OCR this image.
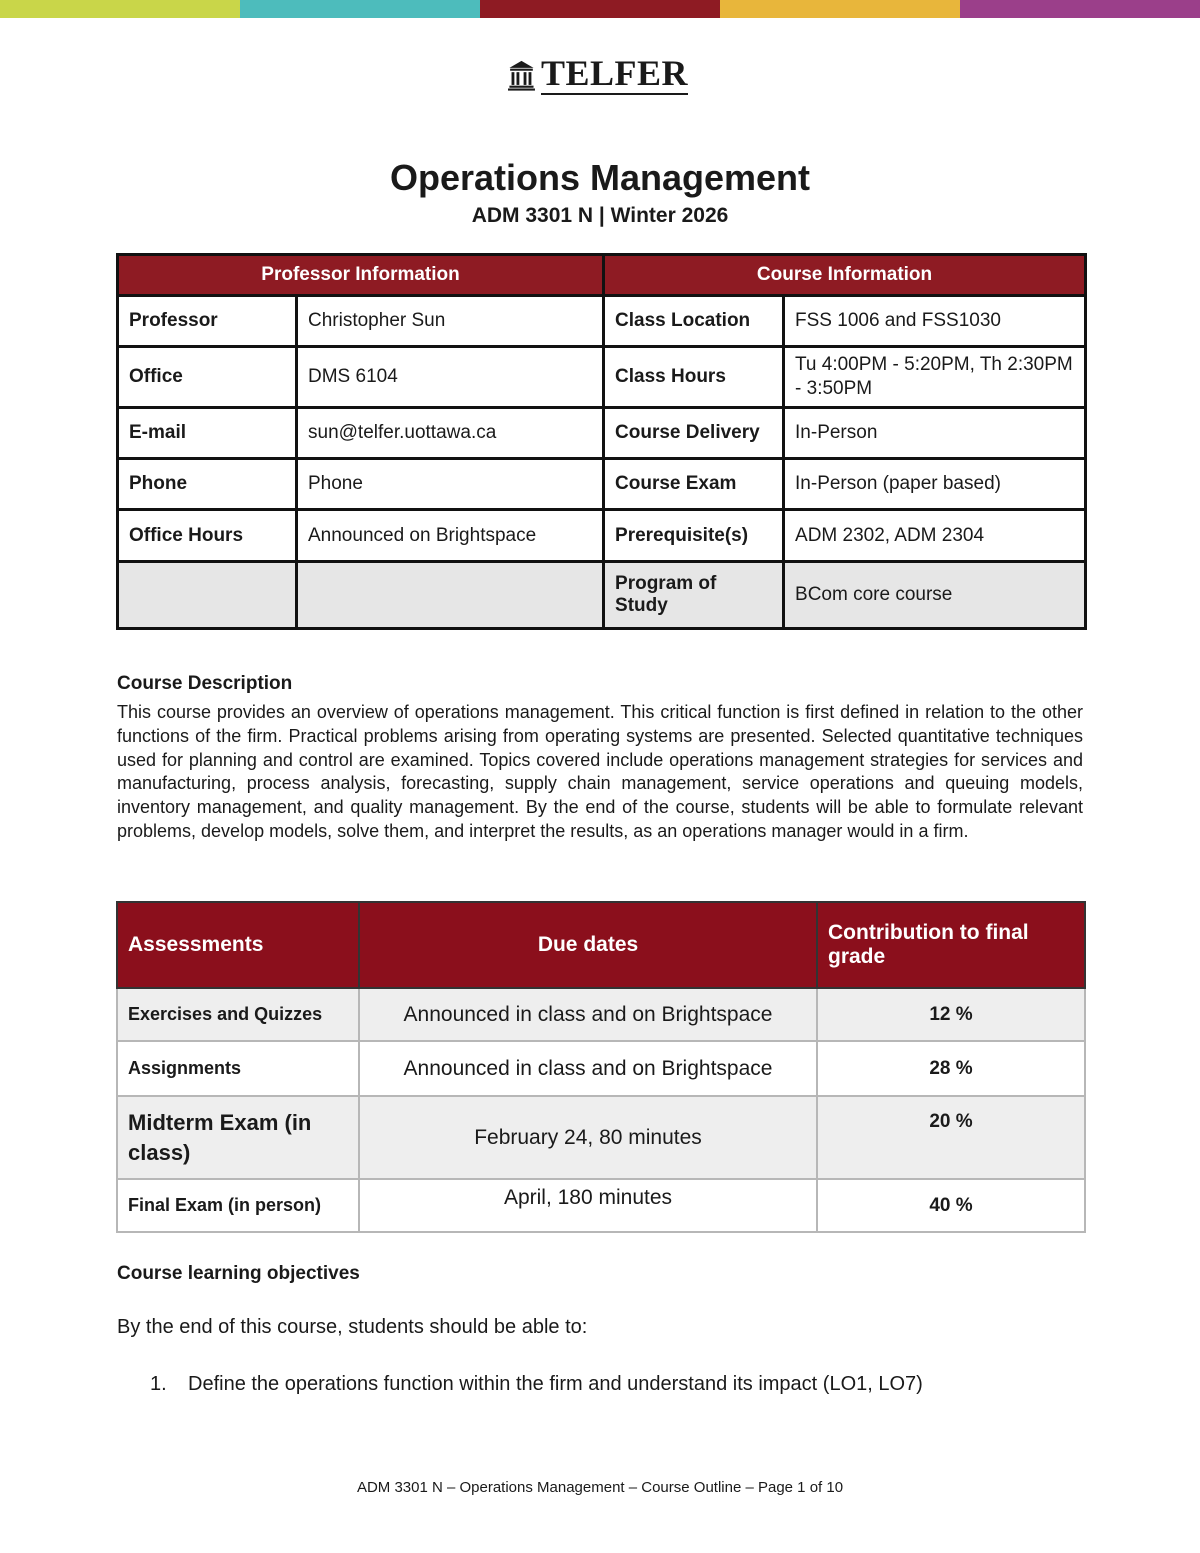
TELFER
Operations Management
ADM 3301 N | Winter 2026
Professor Information		Course Information	
Professor	Christopher Sun	Class Location	FSS 1006 and FSS1030
Office	DMS 6104	Class Hours	Tu 4:00PM - 5:20PM, Th 2:30PM - 3:50PM
E-mail	sun@telfer.uottawa.ca	Course Delivery	In-Person
Phone	Phone	Course Exam	In-Person (paper based)
Office Hours	Announced on Brightspace	Prerequisite(s)	ADM 2302, ADM 2304
		Program of Study	BCom core course
Course Description
This course provides an overview of operations management. This critical function is first defined in relation to the other functions of the firm. Practical problems arising from operating systems are presented. Selected quantitative techniques used for planning and control are examined. Topics covered include operations management strategies for services and manufacturing, process analysis, forecasting, supply chain management, service operations and queuing models, inventory management, and quality management. By the end of the course, students will be able to formulate relevant problems, develop models, solve them, and interpret the results, as an operations manager would in a firm.
Assessments	Due dates	Contribution to final grade
Exercises and Quizzes	Announced in class and on Brightspace	12 %
Assignments	Announced in class and on Brightspace	28 %
Midterm Exam (in class)	February 24, 80 minutes	20 %
Final Exam (in person)	April, 180 minutes	40 %
Course learning objectives
By the end of this course, students should be able to:
1.	Define the operations function within the firm and understand its impact (LO1, LO7)
ADM 3301 N – Operations Management – Course Outline – Page 1 of 10
